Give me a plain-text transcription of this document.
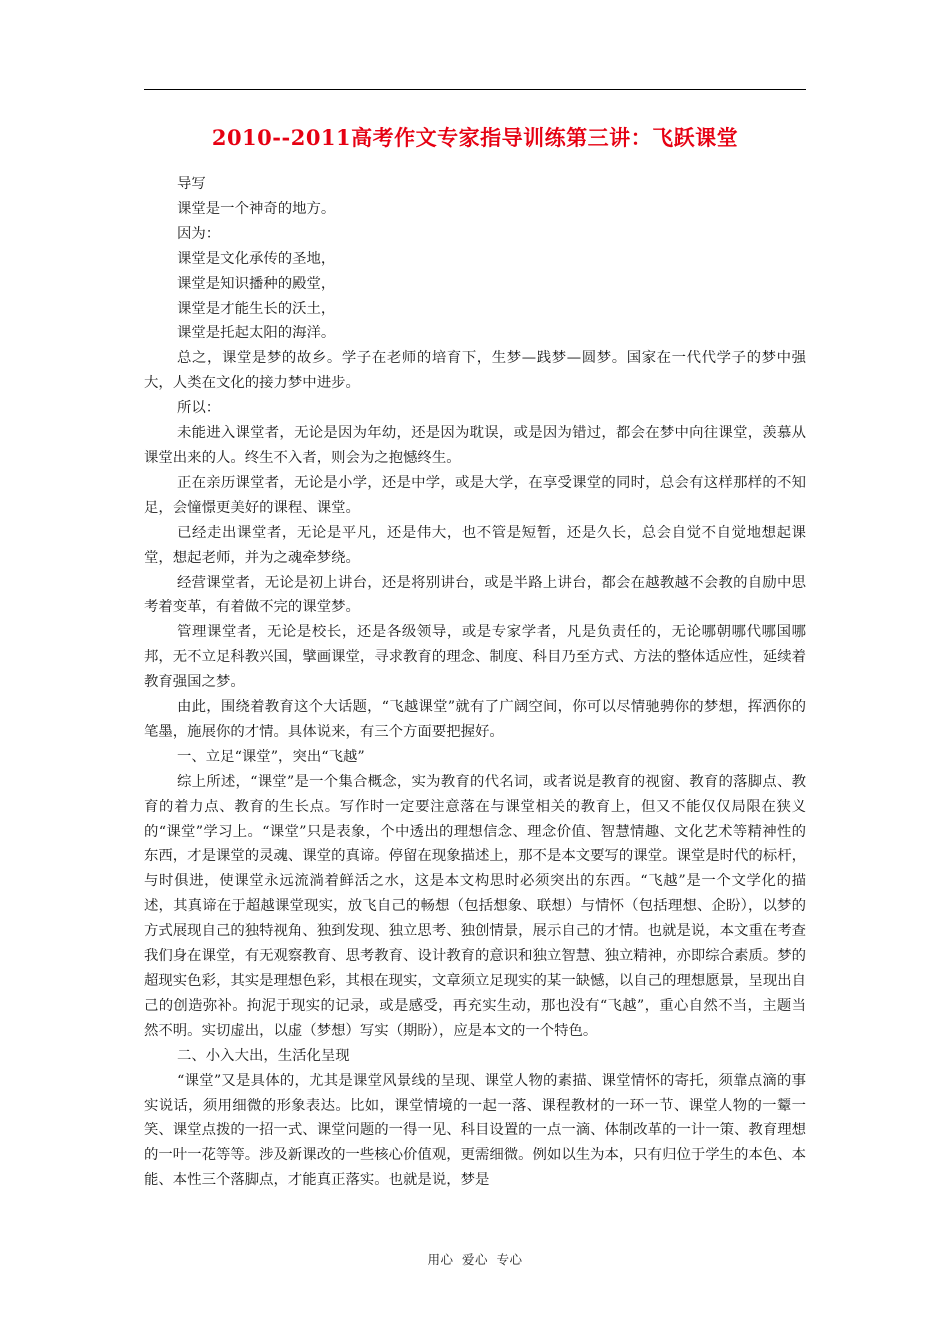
2010--2011高考作文专家指导训练第三讲：飞跃课堂

导写

课堂是一个神奇的地方。

因为：

课堂是文化承传的圣地，

课堂是知识播种的殿堂，

课堂是才能生长的沃土，

课堂是托起太阳的海洋。

总之，课堂是梦的故乡。学子在老师的培育下，生梦—践梦—圆梦。国家在一代代学子的梦中强大，人类在文化的接力梦中进步。

所以：

未能进入课堂者，无论是因为年幼，还是因为耽误，或是因为错过，都会在梦中向往课堂，羡慕从课堂出来的人。终生不入者，则会为之抱憾终生。

正在亲历课堂者，无论是小学，还是中学，或是大学，在享受课堂的同时，总会有这样那样的不知足，会憧憬更美好的课程、课堂。

已经走出课堂者，无论是平凡，还是伟大，也不管是短暂，还是久长，总会自觉不自觉地想起课堂，想起老师，并为之魂牵梦绕。

经营课堂者，无论是初上讲台，还是将别讲台，或是半路上讲台，都会在越教越不会教的自励中思考着变革，有着做不完的课堂梦。

管理课堂者，无论是校长，还是各级领导，或是专家学者，凡是负责任的，无论哪朝哪代哪国哪邦，无不立足科教兴国，擘画课堂，寻求教育的理念、制度、科目乃至方式、方法的整体适应性，延续着教育强国之梦。

由此，围绕着教育这个大话题，“飞越课堂”就有了广阔空间，你可以尽情驰骋你的梦想，挥洒你的笔墨，施展你的才情。具体说来，有三个方面要把握好。

一、立足“课堂”，突出“飞越”

综上所述，“课堂”是一个集合概念，实为教育的代名词，或者说是教育的视窗、教育的落脚点、教育的着力点、教育的生长点。写作时一定要注意落在与课堂相关的教育上，但又不能仅仅局限在狭义的“课堂”学习上。“课堂”只是表象，个中透出的理想信念、理念价值、智慧情趣、文化艺术等精神性的东西，才是课堂的灵魂、课堂的真谛。停留在现象描述上，那不是本文要写的课堂。课堂是时代的标杆，与时俱进，使课堂永远流淌着鲜活之水，这是本文构思时必须突出的东西。“飞越”是一个文学化的描述，其真谛在于超越课堂现实，放飞自己的畅想（包括想象、联想）与情怀（包括理想、企盼），以梦的方式展现自己的独特视角、独到发现、独立思考、独创情景，展示自己的才情。也就是说，本文重在考查我们身在课堂，有无观察教育、思考教育、设计教育的意识和独立智慧、独立精神，亦即综合素质。梦的超现实色彩，其实是理想色彩，其根在现实，文章须立足现实的某一缺憾，以自己的理想愿景，呈现出自己的创造弥补。拘泥于现实的记录，或是感受，再充实生动，那也没有“飞越”，重心自然不当，主题当然不明。实切虚出，以虚（梦想）写实（期盼），应是本文的一个特色。

二、小入大出，生活化呈现

“课堂”又是具体的，尤其是课堂风景线的呈现、课堂人物的素描、课堂情怀的寄托，须靠点滴的事实说话，须用细微的形象表达。比如，课堂情境的一起一落、课程教材的一环一节、课堂人物的一颦一笑、课堂点拨的一招一式、课堂问题的一得一见、科目设置的一点一滴、体制改革的一计一策、教育理想的一叶一花等等。涉及新课改的一些核心价值观，更需细微。例如以生为本，只有归位于学生的本色、本能、本性三个落脚点，才能真正落实。也就是说，梦是

用心 爱心 专心
